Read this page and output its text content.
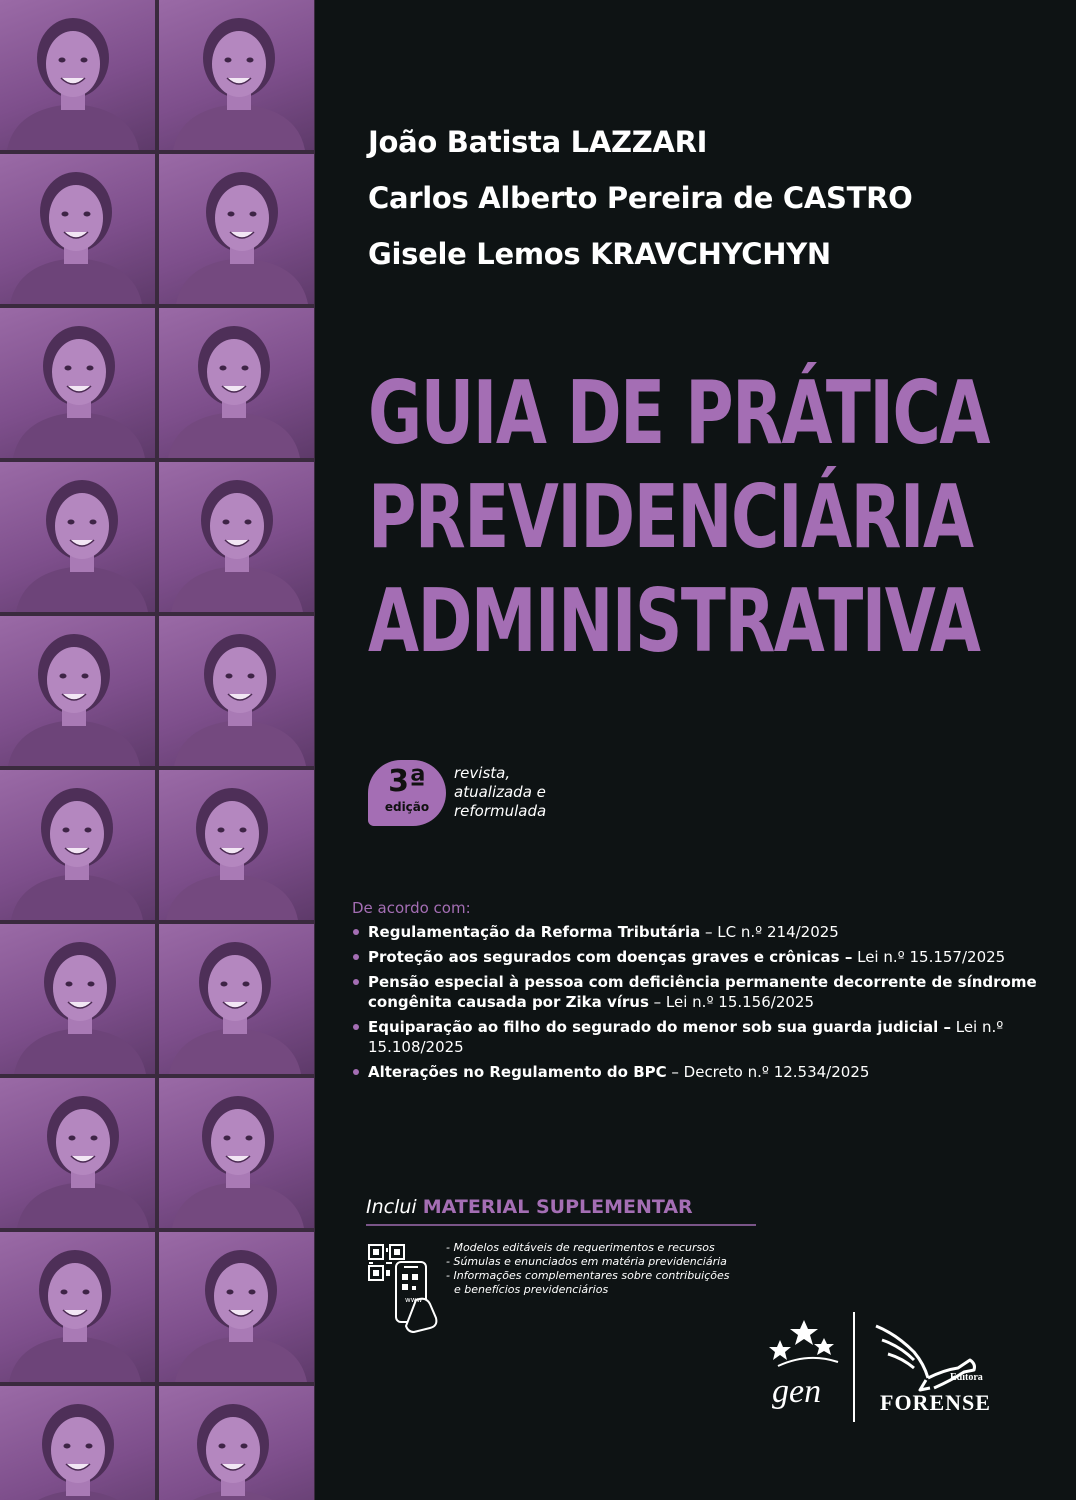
João Batista LAZZARI
Carlos Alberto Pereira de CASTRO
Gisele Lemos KRAVCHYCHYN
GUIA DE PRÁTICA
PREVIDENCIÁRIA
ADMINISTRATIVA
3ª
edição
revista,
atualizada e
reformulada
De acordo com:
Regulamentação da Reforma Tributária – LC n.º 214/2025
Proteção aos segurados com doenças graves e crônicas – Lei n.º 15.157/2025
Pensão especial à pessoa com deficiência permanente decorrente de síndrome congênita causada por Zika vírus – Lei n.º 15.156/2025
Equiparação ao filho do segurado do menor sob sua guarda judicial – Lei n.º 15.108/2025
Alterações no Regulamento do BPC – Decreto n.º 12.534/2025
Inclui MATERIAL SUPLEMENTAR
www
- Modelos editáveis de requerimentos e recursos
- Súmulas e enunciados em matéria previdenciária
- Informações complementares sobre contribuições
e benefícios previdenciários
gen	Editora
FORENSE
